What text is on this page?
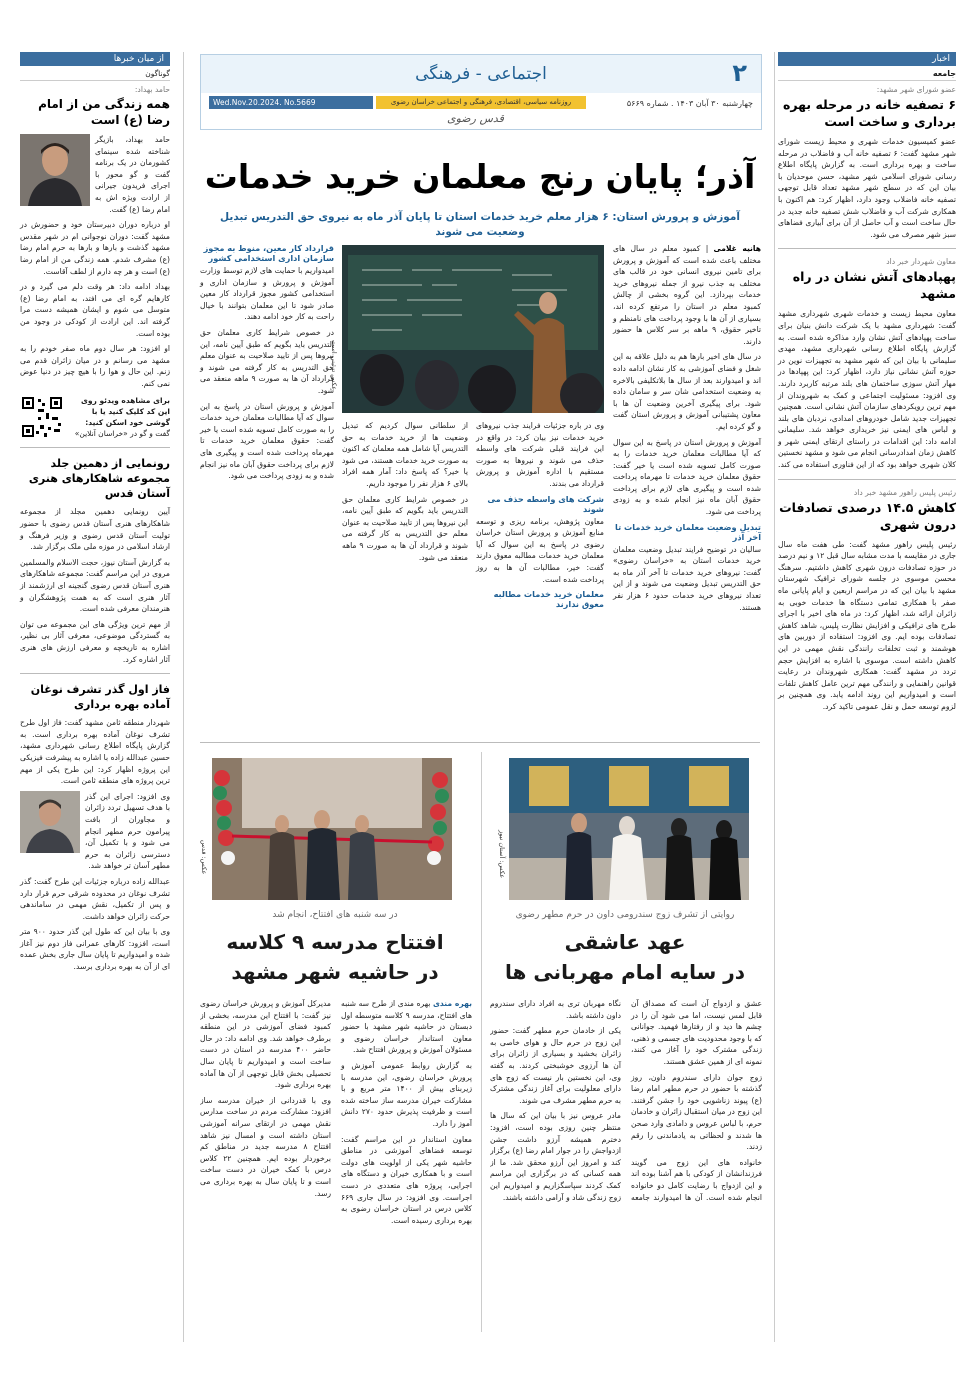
۲
اجتماعی - فرهنگی
چهارشنبه ۳۰ آبان ۱۴۰۳ . شماره ۵۶۶۹
روزنامه سیاسی، اقتصادی، فرهنگی و اجتماعی خراسان رضوی
Wed.Nov.20.2024. No.5669
قدس رضوی
اخبار
جامعه
عضو شورای شهر مشهد:
۶ تصفیه خانه در مرحله بهره برداری و ساخت است

عضو کمیسیون خدمات شهری و محیط زیست شورای شهر مشهد گفت: ۶ تصفیه خانه آب و فاضلاب در مرحله ساخت و بهره برداری است. به گزارش پایگاه اطلاع رسانی شورای اسلامی شهر مشهد، حسن موحدیان با بیان این که در سطح شهر مشهد تعداد قابل توجهی تصفیه خانه فاضلاب وجود دارد، اظهار کرد: هم اکنون با همکاری شرکت آب و فاضلاب شش تصفیه خانه جدید در حال ساخت است و آب حاصل از آن برای آبیاری فضاهای سبز شهر مصرف می شود.

معاون شهردار خبر داد
پهپادهای آتش نشان در راه مشهد

معاون محیط زیست و خدمات شهری شهرداری مشهد گفت: شهرداری مشهد با یک شرکت دانش بنیان برای ساخت پهپادهای آتش نشان وارد مذاکره شده است. به گزارش پایگاه اطلاع رسانی شهرداری مشهد، مهدی سلیمانی با بیان این که شهر مشهد به تجهیزات نوین در حوزه آتش نشانی نیاز دارد، اظهار کرد: این پهپادها در مهار آتش سوزی ساختمان های بلند مرتبه کاربرد دارند. وی افزود: مسئولیت اجتماعی و کمک به شهروندان از مهم ترین رویکردهای سازمان آتش نشانی است. همچنین تجهیزات جدید شامل خودروهای امدادی، نردبان های بلند و لباس های ایمنی نیز خریداری خواهد شد. سلیمانی ادامه داد: این اقدامات در راستای ارتقای ایمنی شهر و کاهش زمان امدادرسانی انجام می شود و مشهد نخستین کلان شهری خواهد بود که از این فناوری استفاده می کند.

رئیس پلیس راهور مشهد خبر داد
کاهش ۱۴.۵ درصدی تصادفات درون شهری

رئیس پلیس راهور مشهد گفت: طی هفت ماه سال جاری در مقایسه با مدت مشابه سال قبل ۱۲ و نیم درصد در حوزه تصادفات درون شهری کاهش داشتیم. سرهنگ محسن موسوی در جلسه شورای ترافیک شهرستان مشهد با بیان این که در مراسم اربعین و ایام پایانی ماه صفر با همکاری تمامی دستگاه ها خدمات خوبی به زائران ارائه شد، اظهار کرد: در ماه های اخیر با اجرای طرح های ترافیکی و افزایش نظارت پلیس، شاهد کاهش تصادفات بوده ایم. وی افزود: استفاده از دوربین های هوشمند و ثبت تخلفات رانندگی نقش مهمی در این کاهش داشته است. موسوی با اشاره به افزایش حجم تردد در مشهد گفت: همکاری شهروندان در رعایت قوانین راهنمایی و رانندگی مهم ترین عامل کاهش تلفات است و امیدواریم این روند ادامه یابد. وی همچنین بر لزوم توسعه حمل و نقل عمومی تاکید کرد.

از میان خبرها
گوناگون
حامد بهداد:
همه زندگی من از امام رضا (ع) است

حامد بهداد، بازیگر شناخته شده سینمای کشورمان در یک برنامه گفت و گو محور با اجرای فریدون جیرانی از ارادت ویژه اش به امام رضا (ع) گفت.

او درباره دوران دبیرستان خود و حضورش در مشهد گفت: دوران نوجوانی ام در شهر مقدس مشهد گذشت و بارها و بارها به حرم امام رضا (ع) مشرف شدم. همه زندگی من از امام رضا (ع) است و هر چه دارم از لطف آقاست.

بهداد ادامه داد: هر وقت دلم می گیرد و در کارهایم گره ای می افتد، به امام رضا (ع) متوسل می شوم و ایشان همیشه دست مرا گرفته اند. این ارادت از کودکی در وجود من بوده است.

او افزود: هر سال دوم ماه صفر خودم را به مشهد می رسانم و در میان زائران قدم می زنم. این حال و هوا را با هیچ چیز در دنیا عوض نمی کنم.

برای مشاهده ویدئو روی این کد کلیک کنید یا با گوشی خود اسکن کنید:
گفت و گو در «خراسان آنلاین»
رونمایی از دهمین جلد مجموعه شاهکارهای هنری آستان قدس

آیین رونمایی دهمین مجلد از مجموعه شاهکارهای هنری آستان قدس رضوی با حضور تولیت آستان قدس رضوی و وزیر فرهنگ و ارشاد اسلامی در موزه ملی ملک برگزار شد.

به گزارش آستان نیوز، حجت الاسلام والمسلمین مروی در این مراسم گفت: مجموعه شاهکارهای هنری آستان قدس رضوی گنجینه ای ارزشمند از آثار هنری است که به همت پژوهشگران و هنرمندان معرفی شده است.

از مهم ترین ویژگی های این مجموعه می توان به گستردگی موضوعی، معرفی آثار بی نظیر، اشاره به تاریخچه و معرفی ارزش های هنری آثار اشاره کرد.

فاز اول گذر تشرف نوغان آماده بهره برداری

شهردار منطقه ثامن مشهد گفت: فاز اول طرح تشرف نوغان آماده بهره برداری است. به گزارش پایگاه اطلاع رسانی شهرداری مشهد، حسین عبدالله زاده با اشاره به پیشرفت فیزیکی این پروژه اظهار کرد: این طرح یکی از مهم ترین پروژه های منطقه ثامن است.

وی افزود: اجرای این گذر با هدف تسهیل تردد زائران و مجاوران از بافت پیرامون حرم مطهر انجام می شود و با تکمیل آن، دسترسی زائران به حرم مطهر آسان تر خواهد شد.

عبدالله زاده درباره جزئیات این طرح گفت: گذر تشرف نوغان در محدوده شرقی حرم قرار دارد و پس از تکمیل، نقش مهمی در ساماندهی حرکت زائران خواهد داشت.

وی با بیان این که طول این گذر حدود ۹۰۰ متر است، افزود: کارهای عمرانی فاز دوم نیز آغاز شده و امیدواریم تا پایان سال جاری بخش عمده ای از آن به بهره برداری برسد.

آذر؛ پایان رنج معلمان خرید خدمات
آموزش و پرورش استان: ۶ هزار معلم خرید خدمات استان تا پایان آذر ماه به نیروی حق التدریس تبدیل وضعیت می شوند
عکس تزئینی است

هانیه غلامی | کمبود معلم در سال های مختلف باعث شده است که آموزش و پرورش برای تامین نیروی انسانی خود در قالب های مختلف به جذب نیرو از جمله نیروهای خرید خدمات بپردازد. این گروه بخشی از چالش کمبود معلم در استان را مرتفع کرده اند، بسیاری از آن ها با وجود پرداخت های نامنظم و تاخیر حقوق، ۹ ماهه بر سر کلاس ها حضور دارند.

در سال های اخیر بارها هم به دلیل علاقه به این شغل و فضای آموزشی به کار نشان ادامه داده اند و امیدوارند بعد از سال ها بلاتکلیفی بالاخره به وضعیت استخدامی شان سر و سامان داده شود. برای پیگیری آخرین وضعیت آن ها با معاون پشتیبانی آموزش و پرورش استان گفت و گو کرده ایم.

آموزش و پرورش استان در پاسخ به این سوال که آیا مطالبات معلمان خرید خدمات را به صورت کامل تسویه شده است یا خیر گفت: حقوق معلمان خرید خدمات تا مهرماه پرداخت شده است و پیگیری های لازم برای پرداخت حقوق آبان ماه نیز انجام شده و به زودی پرداخت می شود.

تبدیل وضعیت معلمان خرید خدمات تا آخر آذر

سالیان در توضیح فرایند تبدیل وضعیت معلمان خرید خدمات استان به «خراسان رضوی» گفت: نیروهای خرید خدمات تا آخر آذر ماه به حق التدریس تبدیل وضعیت می شوند و از این تعداد نیروهای خرید خدمات حدود ۶ هزار نفر هستند.

وی در باره جزئیات فرایند جذب نیروهای خرید خدمات نیز بیان کرد: در واقع در این فرایند قبلی شرکت های واسطه حذف می شوند و نیروها به صورت مستقیم با اداره آموزش و پرورش قرارداد می بندند.

شرکت های واسطه حذف می شوند

معاون پژوهش، برنامه ریزی و توسعه منابع آموزش و پرورش استان خراسان رضوی در پاسخ به این سوال که آیا معلمان خرید خدمات مطالبه معوق دارند گفت: خیر، مطالبات آن ها به روز پرداخت شده است.

معلمان خرید خدمات مطالبه معوق ندارند

از سلطانی سوال کردیم که تبدیل وضعیت ها از خرید خدمات به حق التدریس آیا شامل همه معلمان که اکنون به صورت خرید خدمات هستند، می شود یا خیر؟ که پاسخ داد: آمار همه افراد بالای ۶ هزار نفر را موجود داریم.

در خصوص شرایط کاری معلمان حق التدریس باید بگویم که طبق آیین نامه، این نیروها پس از تایید صلاحیت به عنوان معلم حق التدریس به کار گرفته می شوند و قرارداد آن ها به صورت ۹ ماهه منعقد می شود.

قرارداد کار معین، منوط به مجوز سازمان اداری استخدامی کشور

امیدواریم با حمایت های لازم توسط وزارت آموزش و پرورش و سازمان اداری و استخدامی کشور مجوز قرارداد کار معین صادر شود تا این معلمان بتوانند با خیال راحت به کار خود ادامه دهند.

در خصوص شرایط کاری معلمان حق التدریس باید بگویم که طبق آیین نامه، این نیروها پس از تایید صلاحیت به عنوان معلم حق التدریس به کار گرفته می شوند و قرارداد آن ها به صورت ۹ ماهه منعقد می شود.

آموزش و پرورش استان در پاسخ به این سوال که آیا مطالبات معلمان خرید خدمات را به صورت کامل تسویه شده است یا خیر گفت: حقوق معلمان خرید خدمات تا مهرماه پرداخت شده است و پیگیری های لازم برای پرداخت حقوق آبان ماه نیز انجام شده و به زودی پرداخت می شود.

عکس: آستان نیوز
روایتی از تشرف زوج سندرومی داون در حرم مطهر رضوی
عهد عاشقی
در سایه امام مهربانی ها

عشق و ازدواج آن است که مصداق آن قابل لمس نیست، اما می شود آن را در چشم ها دید و از رفتارها فهمید. جوانانی که با وجود محدودیت های جسمی و ذهنی، زندگی مشترک خود را آغاز می کنند، نمونه ای از همین عشق هستند.

زوج جوان دارای سندروم داون، روز گذشته با حضور در حرم مطهر امام رضا (ع) پیوند زناشویی خود را جشن گرفتند. این زوج در میان استقبال زائران و خادمان حرم، با لباس عروس و دامادی وارد صحن ها شدند و لحظاتی به یادماندنی را رقم زدند.

خانواده های این زوج می گویند فرزندانشان از کودکی با هم آشنا بوده اند و این ازدواج با رضایت کامل دو خانواده انجام شده است. آن ها امیدوارند جامعه نگاه مهربان تری به افراد دارای سندروم داون داشته باشد.

یکی از خادمان حرم مطهر گفت: حضور این زوج در حرم حال و هوای خاصی به زائران بخشید و بسیاری از زائران برای آن ها آرزوی خوشبختی کردند. به گفته وی، این نخستین بار نیست که زوج های دارای معلولیت برای آغاز زندگی مشترک به حرم مطهر مشرف می شوند.

مادر عروس نیز با بیان این که سال ها منتظر چنین روزی بوده است، افزود: دخترم همیشه آرزو داشت جشن ازدواجش را در جوار امام رضا (ع) برگزار کند و امروز این آرزو محقق شد. ما از همه کسانی که در برگزاری این مراسم کمک کردند سپاسگزاریم و امیدواریم این زوج زندگی شاد و آرامی داشته باشند.

عکس: قدس
در سه شنبه های افتتاح، انجام شد
افتتاح مدرسه ۹ کلاسه
در حاشیه شهر مشهد

بهره مندی بهره مندی از طرح سه شنبه های افتتاح، مدرسه ۹ کلاسه متوسطه اول دبستان در حاشیه شهر مشهد با حضور معاون استاندار خراسان رضوی و مسئولان آموزش و پرورش افتتاح شد.

به گزارش روابط عمومی آموزش و پرورش خراسان رضوی، این مدرسه با زیربنای بیش از ۱۴۰۰ متر مربع و با مشارکت خیران مدرسه ساز ساخته شده است و ظرفیت پذیرش حدود ۲۷۰ دانش آموز را دارد.

معاون استاندار در این مراسم گفت: توسعه فضاهای آموزشی در مناطق حاشیه شهر یکی از اولویت های دولت است و با همکاری خیران و دستگاه های اجرایی، پروژه های متعددی در دست اجراست. وی افزود: در سال جاری ۶۶۹ کلاس درس در استان خراسان رضوی به بهره برداری رسیده است.

مدیرکل آموزش و پرورش خراسان رضوی نیز گفت: با افتتاح این مدرسه، بخشی از کمبود فضای آموزشی در این منطقه برطرف خواهد شد. وی ادامه داد: در حال حاضر ۴۰۰ مدرسه در استان در دست ساخت است و امیدواریم تا پایان سال تحصیلی بخش قابل توجهی از آن ها آماده بهره برداری شود.

وی با قدردانی از خیران مدرسه ساز افزود: مشارکت مردم در ساخت مدارس نقش مهمی در ارتقای سرانه آموزشی استان داشته است و امسال نیز شاهد افتتاح ۸ مدرسه جدید در مناطق کم برخوردار بوده ایم. همچنین ۲۲ کلاس درس با کمک خیران در دست ساخت است و تا پایان سال به بهره برداری می رسد.
